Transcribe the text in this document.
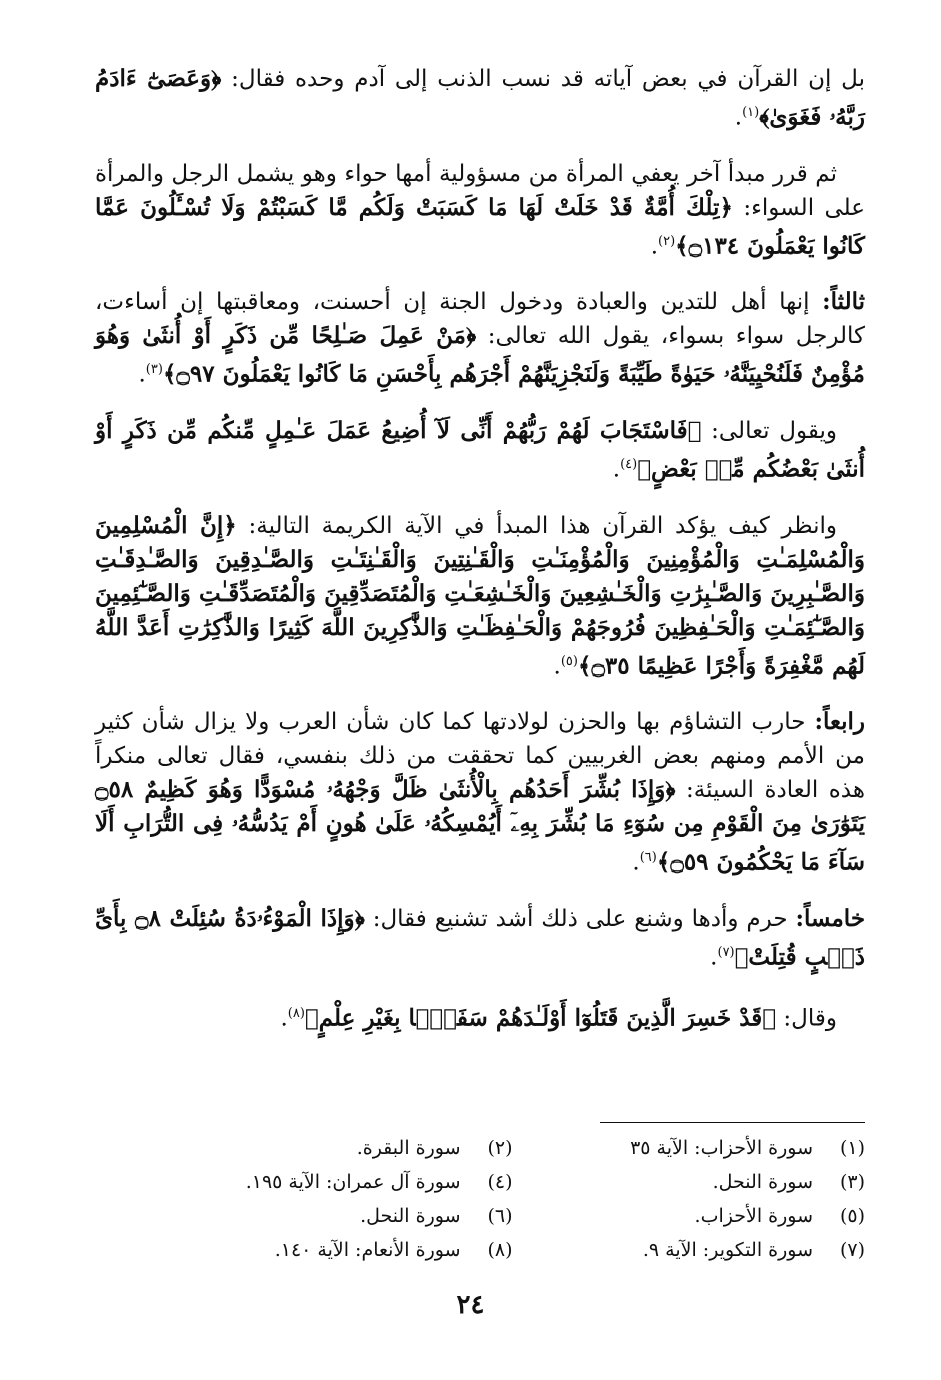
بل إن القرآن في بعض آياته قد نسب الذنب إلى آدم وحده فقال: ﴿وَعَصَىٰٓ ءَادَمُ رَبَّهُۥ فَغَوَىٰ﴾$^{(١)}$.

ثم قرر مبدأ آخر يعفي المرأة من مسؤولية أمها حواء وهو يشمل الرجل والمرأة على السواء: ﴿تِلْكَ أُمَّةٌ قَدْ خَلَتْ لَهَا مَا كَسَبَتْ وَلَكُم مَّا كَسَبْتُمْ وَلَا تُسْـَٔلُونَ عَمَّا كَانُوا يَعْمَلُونَ ۝١٣٤﴾$^{(٢)}$.

ثالثاً: إنها أهل للتدين والعبادة ودخول الجنة إن أحسنت، ومعاقبتها إن أساءت، كالرجل سواء بسواء، يقول الله تعالى: ﴿مَنْ عَمِلَ صَـٰلِحًا مِّن ذَكَرٍ أَوْ أُنثَىٰ وَهُوَ مُؤْمِنٌ فَلَنُحْيِيَنَّهُۥ حَيَوٰةً طَيِّبَةً وَلَنَجْزِيَنَّهُمْ أَجْرَهُم بِأَحْسَنِ مَا كَانُوا يَعْمَلُونَ ۝٩٧﴾$^{(٣)}$.

ويقول تعالى: ﴿فَاسْتَجَابَ لَهُمْ رَبُّهُمْ أَنِّى لَآ أُضِيعُ عَمَلَ عَـٰمِلٍ مِّنكُم مِّن ذَكَرٍ أَوْ أُنثَىٰ بَعْضُكُم مِّنۢ بَعْضٍ﴾$^{(٤)}$.

وانظر كيف يؤكد القرآن هذا المبدأ في الآية الكريمة التالية: ﴿إِنَّ الْمُسْلِمِينَ وَالْمُسْلِمَـٰتِ وَالْمُؤْمِنِينَ وَالْمُؤْمِنَـٰتِ وَالْقَـٰنِتِينَ وَالْقَـٰنِتَـٰتِ وَالصَّـٰدِقِينَ وَالصَّـٰدِقَـٰتِ وَالصَّـٰبِرِينَ وَالصَّـٰبِرَٰتِ وَالْخَـٰشِعِينَ وَالْخَـٰشِعَـٰتِ وَالْمُتَصَدِّقِينَ وَالْمُتَصَدِّقَـٰتِ وَالصَّـٰٓئِمِينَ وَالصَّـٰٓئِمَـٰتِ وَالْحَـٰفِظِينَ فُرُوجَهُمْ وَالْحَـٰفِظَـٰتِ وَالذَّٰكِرِينَ اللَّهَ كَثِيرًا وَالذَّٰكِرَٰتِ أَعَدَّ اللَّهُ لَهُم مَّغْفِرَةً وَأَجْرًا عَظِيمًا ۝٣٥﴾$^{(٥)}$.

رابعاً: حارب التشاؤم بها والحزن لولادتها كما كان شأن العرب ولا يزال شأن كثير من الأمم ومنهم بعض الغربيين كما تحققت من ذلك بنفسي، فقال تعالى منكراً هذه العادة السيئة: ﴿وَإِذَا بُشِّرَ أَحَدُهُم بِالْأُنثَىٰ ظَلَّ وَجْهُهُۥ مُسْوَدًّا وَهُوَ كَظِيمٌ ۝٥٨ يَتَوَٰرَىٰ مِنَ الْقَوْمِ مِن سُوٓءِ مَا بُشِّرَ بِهِۦٓ أَيُمْسِكُهُۥ عَلَىٰ هُونٍ أَمْ يَدُسُّهُۥ فِى التُّرَابِ أَلَا سَآءَ مَا يَحْكُمُونَ ۝٥٩﴾$^{(٦)}$.

خامساً: حرم وأدها وشنع على ذلك أشد تشنيع فقال: ﴿وَإِذَا الْمَوْءُۥدَةُ سُئِلَتْ ۝٨ بِأَىِّ ذَنۢبٍ قُتِلَتْ﴾$^{(٧)}$.

وقال: ﴿قَدْ خَسِرَ الَّذِينَ قَتَلُوٓا أَوْلَـٰدَهُمْ سَفَهًۢا بِغَيْرِ عِلْمٍ﴾$^{(٨)}$.

(١)
سورة الأحزاب: الآية ٣٥
(٢)
سورة البقرة.
(٣)
سورة النحل.
(٤)
سورة آل عمران: الآية ١٩٥.
(٥)
سورة الأحزاب.
(٦)
سورة النحل.
(٧)
سورة التكوير: الآية ٩.
(٨)
سورة الأنعام: الآية ١٤٠.
٢٤
